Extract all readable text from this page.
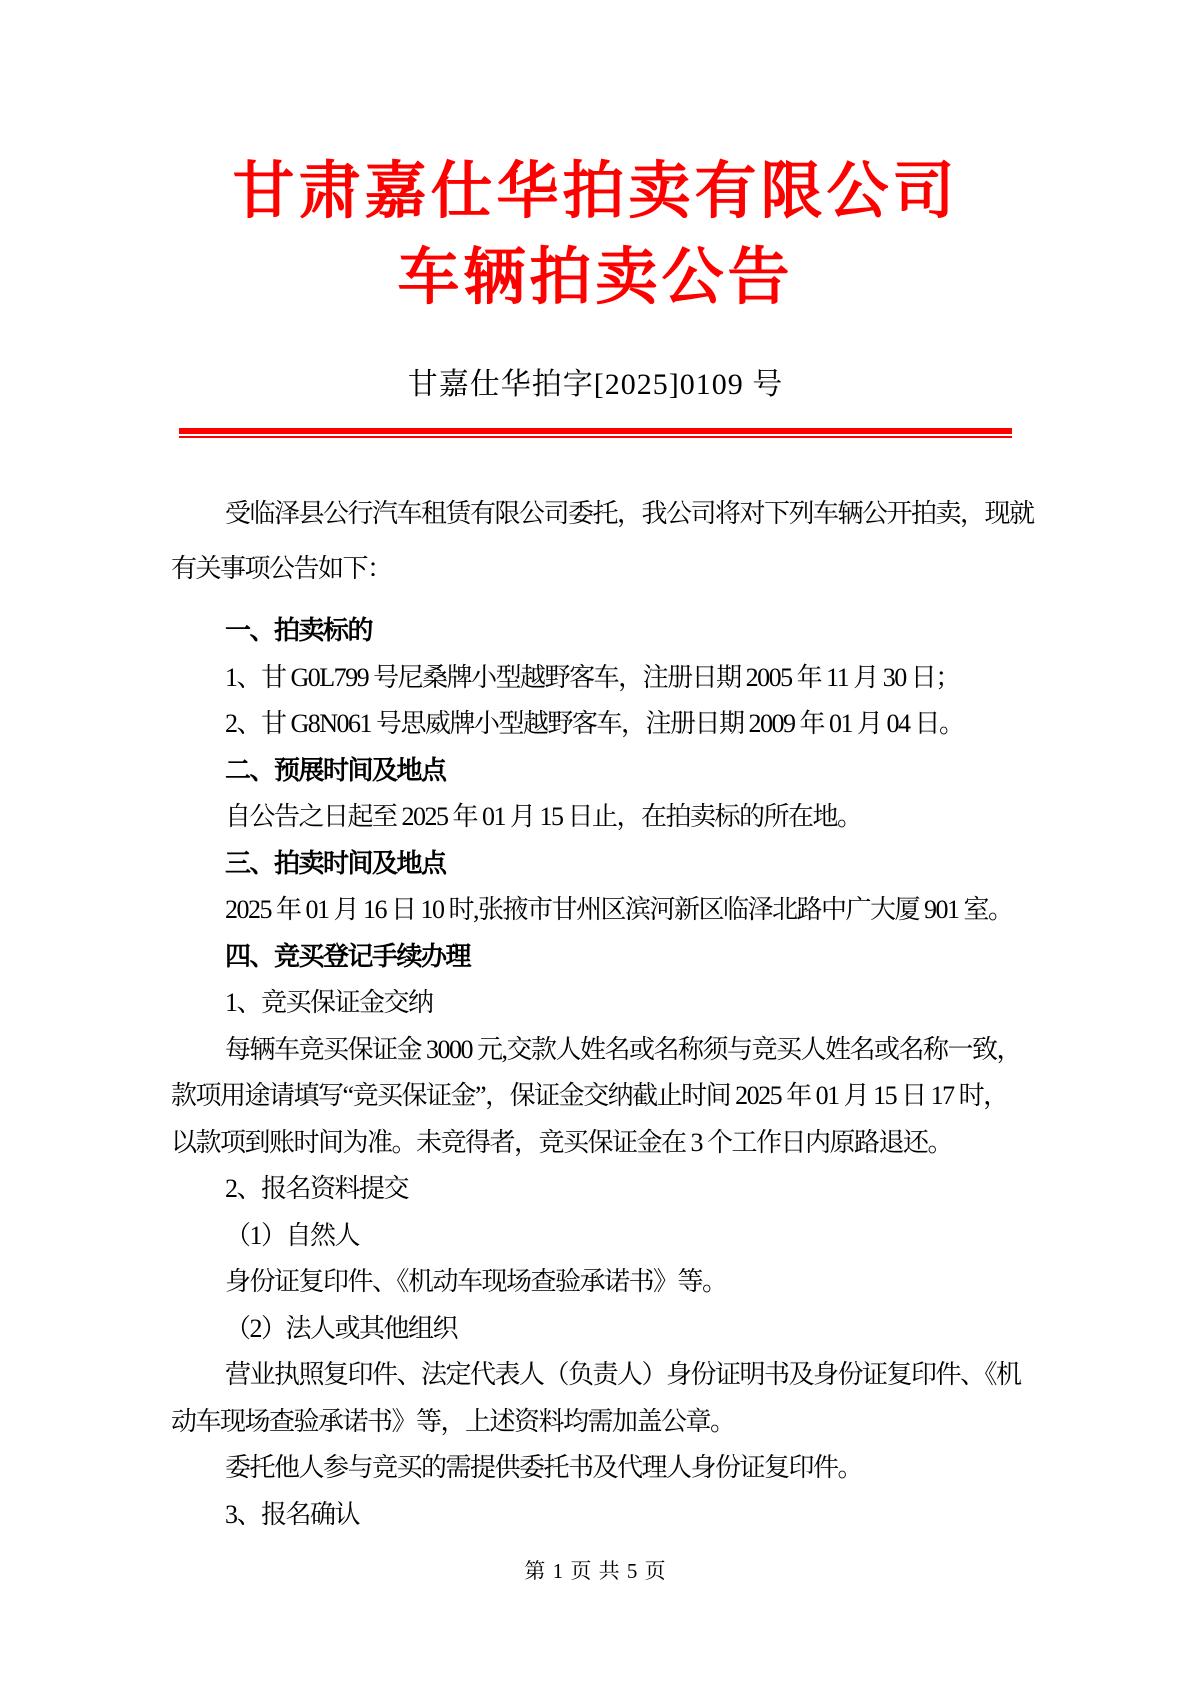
甘肃嘉仕华拍卖有限公司
车辆拍卖公告
甘嘉仕华拍字[2025]0109 号
受临泽县公行汽车租赁有限公司委托，我公司将对下列车辆公开拍卖，现就
有关事项公告如下：
一、拍卖标的
1、甘 G0L799 号尼桑牌小型越野客车，注册日期 2005 年 11 月 30 日；
2、甘 G8N061 号思威牌小型越野客车，注册日期 2009 年 01 月 04 日。
二、预展时间及地点
自公告之日起至 2025 年 01 月 15 日止，在拍卖标的所在地。
三、拍卖时间及地点
2025 年 01 月 16 日 10 时,张掖市甘州区滨河新区临泽北路中广大厦 901 室。
四、竞买登记手续办理
1、竞买保证金交纳
每辆车竞买保证金 3000 元,交款人姓名或名称须与竞买人姓名或名称一致，
款项用途请填写“竞买保证金”，保证金交纳截止时间 2025 年 01 月 15 日 17 时，
以款项到账时间为准。未竞得者，竞买保证金在 3 个工作日内原路退还。
2、报名资料提交
（1）自然人
身份证复印件、《机动车现场查验承诺书》等。
（2）法人或其他组织
营业执照复印件、法定代表人（负责人）身份证明书及身份证复印件、《机
动车现场查验承诺书》等，上述资料均需加盖公章。
委托他人参与竞买的需提供委托书及代理人身份证复印件。
3、报名确认
第 1 页 共 5 页
